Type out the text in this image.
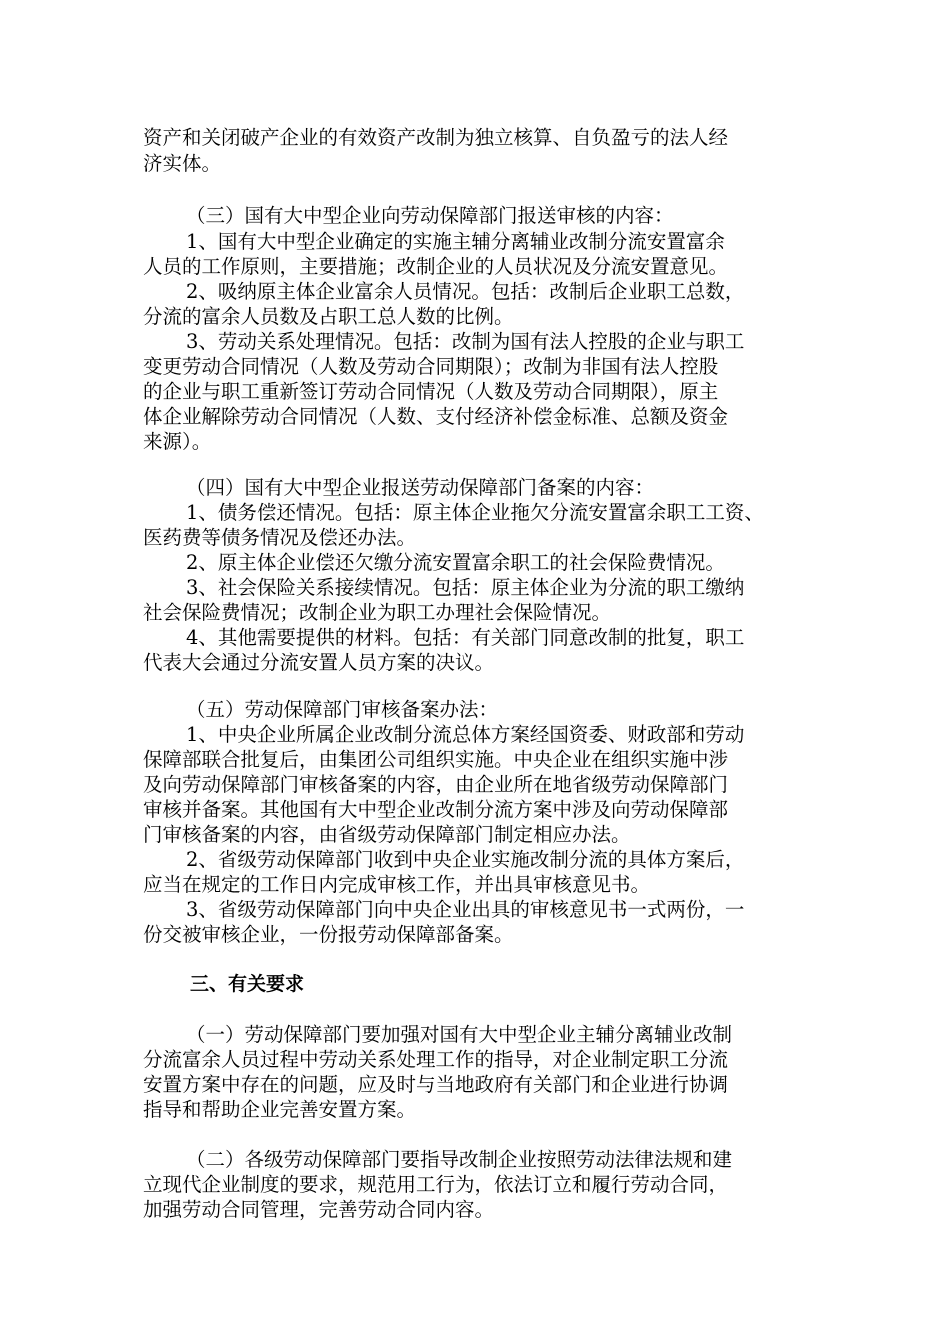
资产和关闭破产企业的有效资产改制为独立核算、自负盈亏的法人经
济实体。
（三）国有大中型企业向劳动保障部门报送审核的内容：
1、国有大中型企业确定的实施主辅分离辅业改制分流安置富余
人员的工作原则，主要措施；改制企业的人员状况及分流安置意见。
2、吸纳原主体企业富余人员情况。包括：改制后企业职工总数，
分流的富余人员数及占职工总人数的比例。
3、劳动关系处理情况。包括：改制为国有法人控股的企业与职工
变更劳动合同情况（人数及劳动合同期限）；改制为非国有法人控股
的企业与职工重新签订劳动合同情况（人数及劳动合同期限），原主
体企业解除劳动合同情况（人数、支付经济补偿金标准、总额及资金
来源）。
（四）国有大中型企业报送劳动保障部门备案的内容：
1、债务偿还情况。包括：原主体企业拖欠分流安置富余职工工资、
医药费等债务情况及偿还办法。
2、原主体企业偿还欠缴分流安置富余职工的社会保险费情况。
3、社会保险关系接续情况。包括：原主体企业为分流的职工缴纳
社会保险费情况；改制企业为职工办理社会保险情况。
4、其他需要提供的材料。包括：有关部门同意改制的批复，职工
代表大会通过分流安置人员方案的决议。
（五）劳动保障部门审核备案办法：
1、中央企业所属企业改制分流总体方案经国资委、财政部和劳动
保障部联合批复后，由集团公司组织实施。中央企业在组织实施中涉
及向劳动保障部门审核备案的内容，由企业所在地省级劳动保障部门
审核并备案。其他国有大中型企业改制分流方案中涉及向劳动保障部
门审核备案的内容，由省级劳动保障部门制定相应办法。
2、省级劳动保障部门收到中央企业实施改制分流的具体方案后，
应当在规定的工作日内完成审核工作，并出具审核意见书。
3、省级劳动保障部门向中央企业出具的审核意见书一式两份，一
份交被审核企业，一份报劳动保障部备案。
三、有关要求
（一）劳动保障部门要加强对国有大中型企业主辅分离辅业改制
分流富余人员过程中劳动关系处理工作的指导，对企业制定职工分流
安置方案中存在的问题，应及时与当地政府有关部门和企业进行协调
指导和帮助企业完善安置方案。
（二）各级劳动保障部门要指导改制企业按照劳动法律法规和建
立现代企业制度的要求，规范用工行为，依法订立和履行劳动合同，
加强劳动合同管理，完善劳动合同内容。
